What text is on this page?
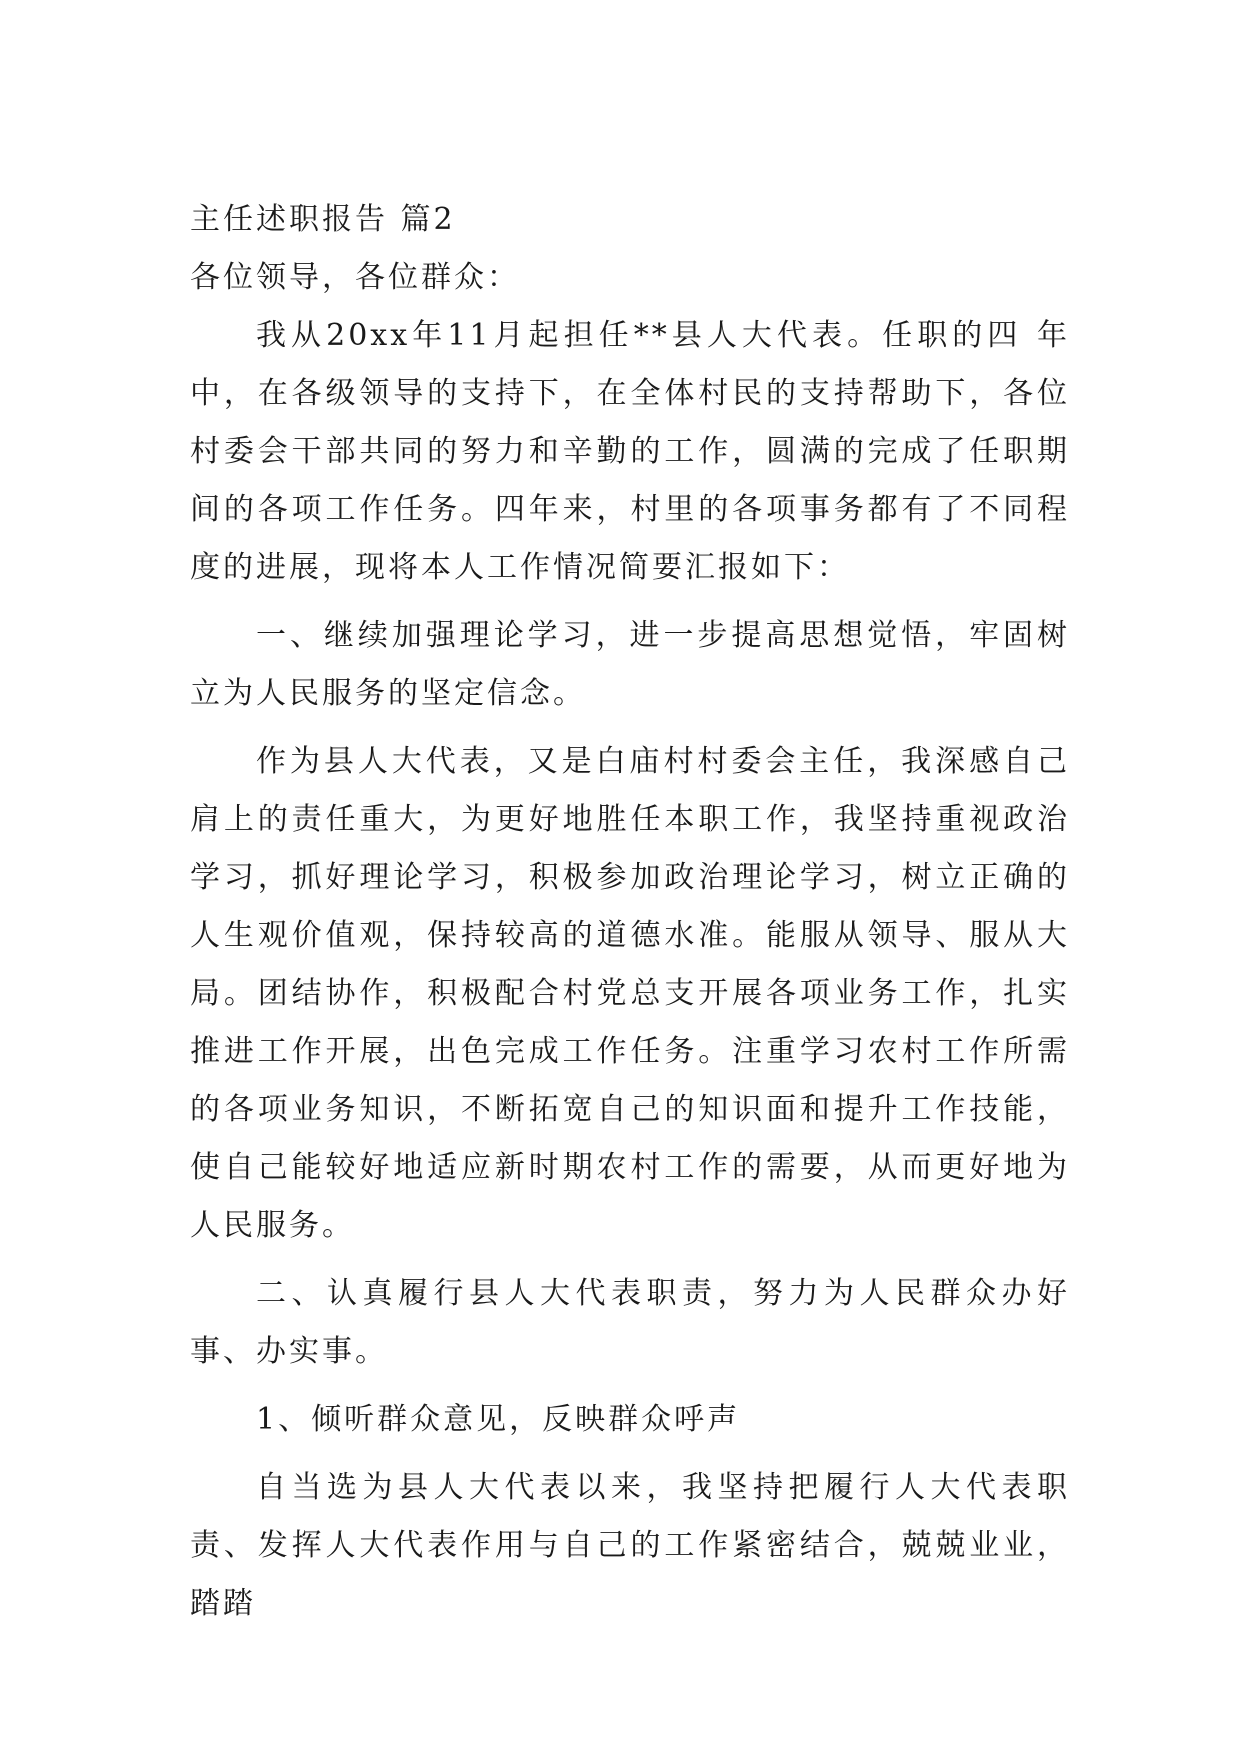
主任述职报告 篇2

各位领导，各位群众：

我从20xx年11月起担任**县人大代表。任职的四 年中，在各级领导的支持下，在全体村民的支持帮助下，各位村委会干部共同的努力和辛勤的工作，圆满的完成了任职期间的各项工作任务。四年来，村里的各项事务都有了不同程度的进展，现将本人工作情况简要汇报如下：

一、继续加强理论学习，进一步提高思想觉悟，牢固树立为人民服务的坚定信念。

作为县人大代表，又是白庙村村委会主任，我深感自己肩上的责任重大，为更好地胜任本职工作，我坚持重视政治学习，抓好理论学习，积极参加政治理论学习，树立正确的人生观价值观，保持较高的道德水准。能服从领导、服从大局。团结协作，积极配合村党总支开展各项业务工作，扎实推进工作开展，出色完成工作任务。注重学习农村工作所需的各项业务知识，不断拓宽自己的知识面和提升工作技能，使自己能较好地适应新时期农村工作的需要，从而更好地为人民服务。

二、认真履行县人大代表职责，努力为人民群众办好事、办实事。

1、倾听群众意见，反映群众呼声

自当选为县人大代表以来，我坚持把履行人大代表职责、发挥人大代表作用与自己的工作紧密结合，兢兢业业，踏踏
